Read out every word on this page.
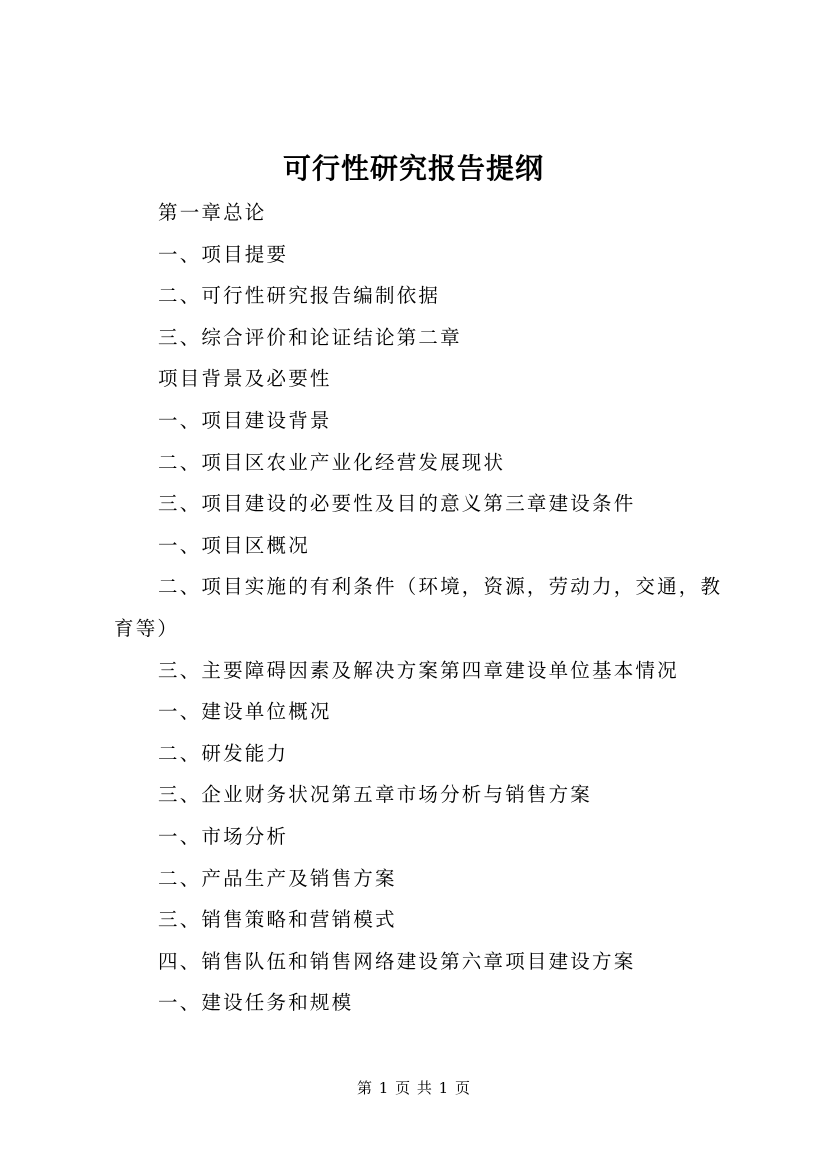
可行性研究报告提纲
第一章总论
一、项目提要
二、可行性研究报告编制依据
三、综合评价和论证结论第二章
项目背景及必要性
一、项目建设背景
二、项目区农业产业化经营发展现状
三、项目建设的必要性及目的意义第三章建设条件
一、项目区概况
二、项目实施的有利条件（环境，资源，劳动力，交通，教育等）
三、主要障碍因素及解决方案第四章建设单位基本情况
一、建设单位概况
二、研发能力
三、企业财务状况第五章市场分析与销售方案
一、市场分析
二、产品生产及销售方案
三、销售策略和营销模式
四、销售队伍和销售网络建设第六章项目建设方案
一、建设任务和规模
第 1 页 共 1 页
